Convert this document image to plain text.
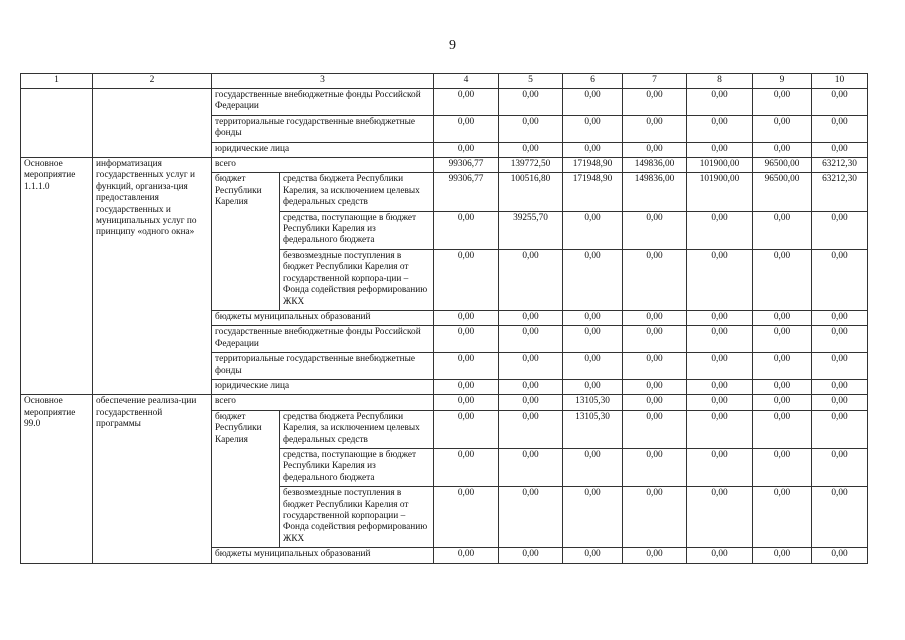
9
1	2	3		4	5	6	7	8	9	10
		государственные внебюджетные фонды Российской Федерации		0,00	0,00	0,00	0,00	0,00	0,00	0,00
		территориальные государственные внебюджетные фонды		0,00	0,00	0,00	0,00	0,00	0,00	0,00
		юридические лица		0,00	0,00	0,00	0,00	0,00	0,00	0,00
Основное мероприятие 1.1.1.0	информатизация государственных услуг и функций, организа-ция предоставления государственных и муниципальных услуг по принципу «одного окна»	всего		99306,77	139772,50	171948,90	149836,00	101900,00	96500,00	63212,30
		бюджет Республики Карелия	средства бюджета Республики Карелия, за исключением целевых федеральных средств	99306,77	100516,80	171948,90	149836,00	101900,00	96500,00	63212,30
			средства, поступающие в бюджет Республики Карелия из федерального бюджета	0,00	39255,70	0,00	0,00	0,00	0,00	0,00
			безвозмездные поступления в бюджет Республики Карелия от государственной корпора-ции – Фонда содействия реформированию ЖКХ	0,00	0,00	0,00	0,00	0,00	0,00	0,00
		бюджеты муниципальных образований		0,00	0,00	0,00	0,00	0,00	0,00	0,00
		государственные внебюджетные фонды Российской Федерации		0,00	0,00	0,00	0,00	0,00	0,00	0,00
		территориальные государственные внебюджетные фонды		0,00	0,00	0,00	0,00	0,00	0,00	0,00
		юридические лица		0,00	0,00	0,00	0,00	0,00	0,00	0,00
Основное мероприятие 99.0	обеспечение реализа-ции государственной программы	всего		0,00	0,00	13105,30	0,00	0,00	0,00	0,00
		бюджет Республики Карелия	средства бюджета Республики Карелия, за исключением целевых федеральных средств	0,00	0,00	13105,30	0,00	0,00	0,00	0,00
			средства, поступающие в бюджет Республики Карелия из федерального бюджета	0,00	0,00	0,00	0,00	0,00	0,00	0,00
			безвозмездные поступления в бюджет Республики Карелия от государственной корпорации – Фонда содействия реформированию ЖКХ	0,00	0,00	0,00	0,00	0,00	0,00	0,00
		бюджеты муниципальных образований		0,00	0,00	0,00	0,00	0,00	0,00	0,00
